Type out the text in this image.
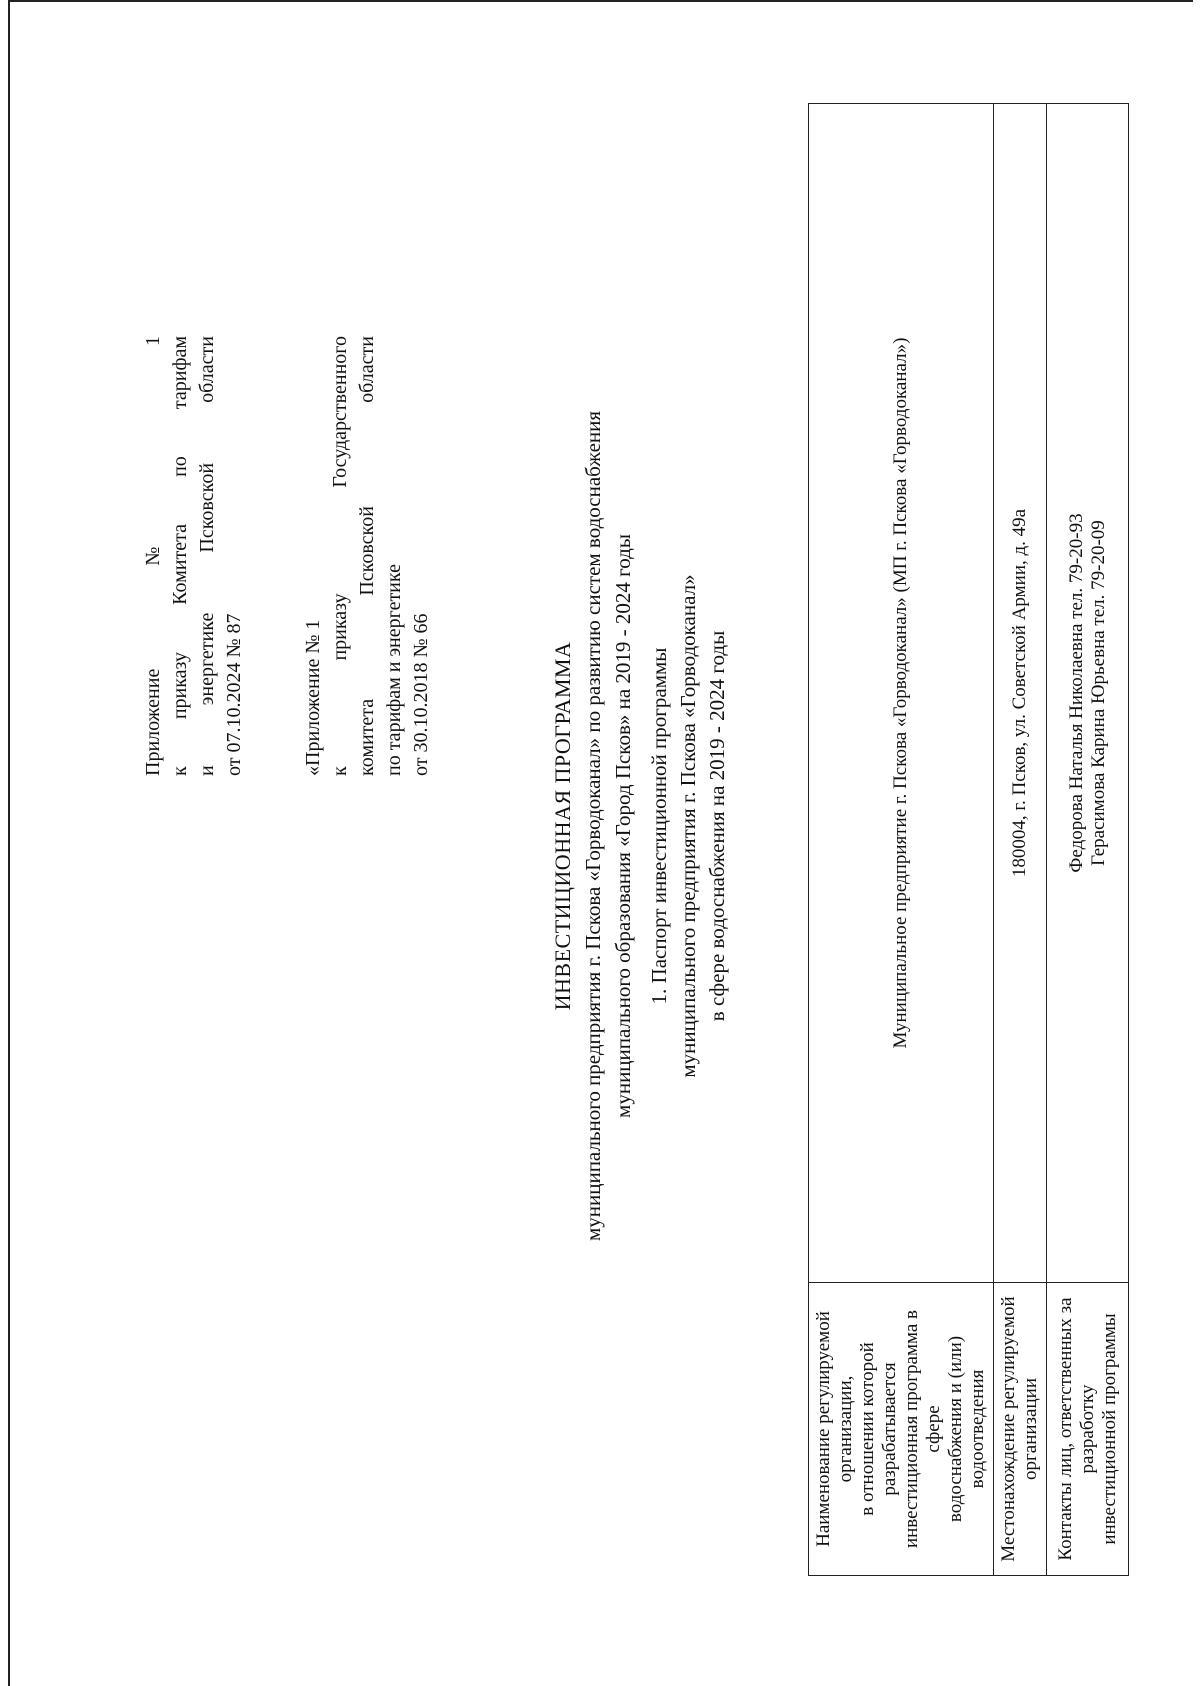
Приложение № 1 к приказу Комитета по тарифам и энергетике Псковской области от 07.10.2024 № 87	«Приложение № 1 к приказу Государственного комитета Псковской области по тарифам и энергетике от 30.10.2018 № 66	ИНВЕСТИЦИОННАЯ ПРОГРАММА муниципального предприятия г. Пскова «Горводоканал» по развитию систем водоснабжения муниципального образования «Город Псков» на 2019 - 2024 годы 1. Паспорт инвестиционной программы муниципального предприятия г. Пскова «Горводоканал» в сфере водоснабжения на 2019 - 2024 годы
Наименование регулируемой организации, в отношении которой разрабатывается инвестиционная программа в сфере водоснабжения и (или) водоотведения	Муниципальное предприятие г. Пскова «Горводоканал» (МП г. Пскова «Горводоканал»)

Местонахождение регулируемой организации	180004, г. Псков, ул. Советской Армии, д. 49а

Контакты лиц, ответственных за разработку инвестиционной программы	Федорова Наталья Николаевна тел. 79-20-93 Герасимова Карина Юрьевна тел. 79-20-09
